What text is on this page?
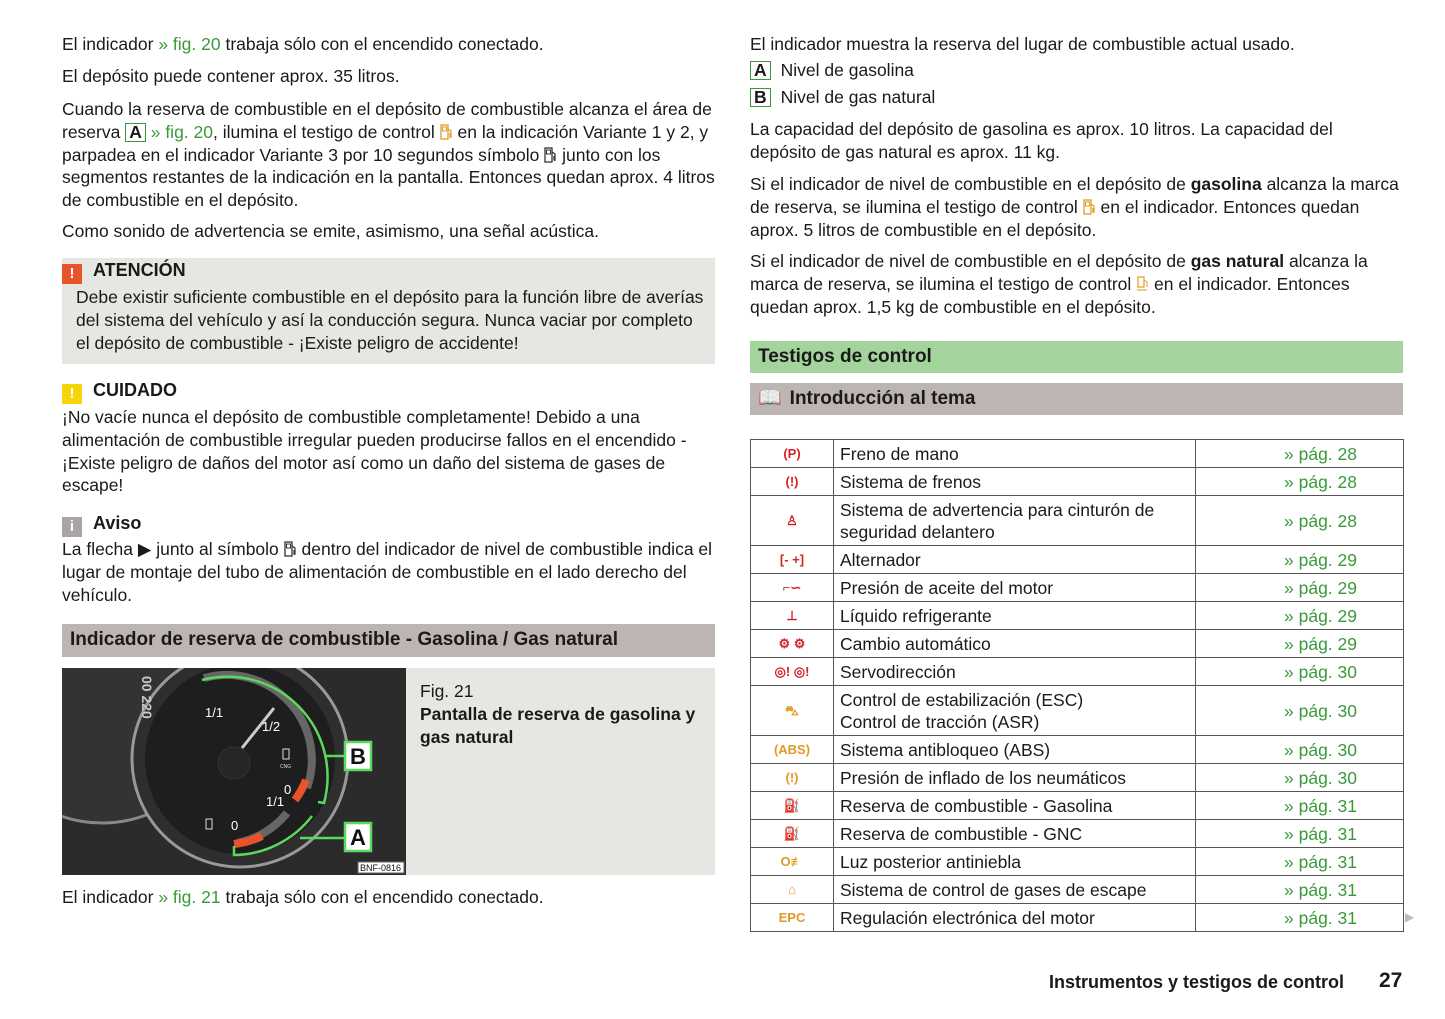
El indicador » fig. 20 trabaja sólo con el encendido conectado.
El depósito puede contener aprox. 35 litros.
Cuando la reserva de combustible en el depósito de combustible alcanza el área de reserva A » fig. 20, ilumina el testigo de control  en la indicación Variante 1 y 2, y parpadea en el indicador Variante 3 por 10 segundos símbolo  junto con los segmentos restantes de la indicación en la pantalla. Entonces quedan aprox. 4 litros de combustible en el depósito.
Como sonido de advertencia se emite, asimismo, una señal acústica.
! ATENCIÓN
Debe existir suficiente combustible en el depósito para la función libre de averías del sistema del vehículo y así la conducción segura. Nunca vaciar por completo el depósito de combustible - ¡Existe peligro de accidente!
! CUIDADO
¡No vacíe nunca el depósito de combustible completamente! Debido a una alimentación de combustible irregular pueden producirse fallos en el encendido - ¡Existe peligro de daños del motor así como un daño del sistema de gases de escape!
i Aviso
La flecha ▶ junto al símbolo  dentro del indicador de nivel de combustible indica el lugar de montaje del tubo de alimentación de combustible en el lado derecho del vehículo.
Indicador de reserva de combustible - Gasolina / Gas natural
00 220	1/1
1/2
0
1/1
0
CNG	B
A
BNF-0816
Fig. 21
Pantalla de reserva de gasolina y gas natural
El indicador » fig. 21 trabaja sólo con el encendido conectado.
El indicador muestra la reserva del lugar de combustible actual usado.
A Nivel de gasolina
B Nivel de gas natural
La capacidad del depósito de gasolina es aprox. 10 litros. La capacidad del depósito de gas natural es aprox. 11 kg.
Si el indicador de nivel de combustible en el depósito de gasolina alcanza la marca de reserva, se ilumina el testigo de control  en el indicador. Entonces quedan aprox. 5 litros de combustible en el depósito.
Si el indicador de nivel de combustible en el depósito de gas natural alcanza la marca de reserva, se ilumina el testigo de control  en el indicador. Entonces quedan aprox. 1,5 kg de combustible en el depósito.
Testigos de control
📖 Introducción al tema
(P)	Freno de mano	» pág. 28
(!)	Sistema de frenos	» pág. 28
♙	Sistema de advertencia para cinturón de seguridad delantero	» pág. 28
[- +]	Alternador	» pág. 29
⌐∽	Presión de aceite del motor	» pág. 29
⊥	Líquido refrigerante	» pág. 29
⚙ ⚙	Cambio automático	» pág. 29
◎! ◎!	Servodirección	» pág. 30
⛍	Control de estabilización (ESC)
Control de tracción (ASR)	» pág. 30
(ABS)	Sistema antibloqueo (ABS)	» pág. 30
(!)	Presión de inflado de los neumáticos	» pág. 30
⛽	Reserva de combustible - Gasolina	» pág. 31
⛽	Reserva de combustible - GNC	» pág. 31
O≢	Luz posterior antiniebla	» pág. 31
⌂	Sistema de control de gases de escape	» pág. 31
EPC	Regulación electrónica del motor	» pág. 31	▶
Instrumentos y testigos de control 27
